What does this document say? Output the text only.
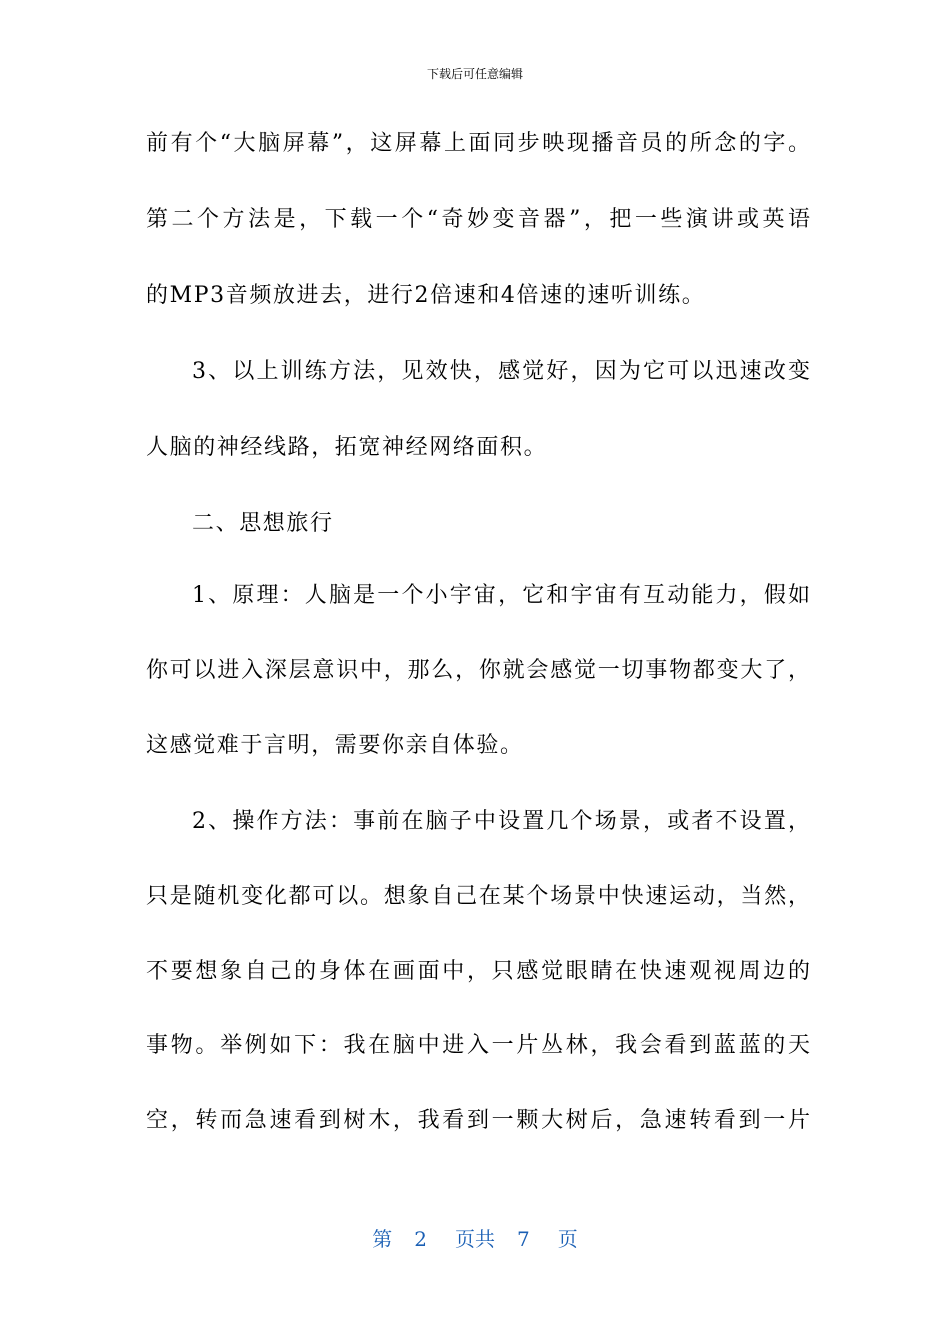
下载后可任意编辑
前有个“大脑屏幕”，这屏幕上面同步映现播音员的所念的字。
第二个方法是，下载一个“奇妙变音器”，把一些演讲或英语
的MP3音频放进去，进行2倍速和4倍速的速听训练。
3、以上训练方法，见效快，感觉好，因为它可以迅速改变
人脑的神经线路，拓宽神经网络面积。
二、思想旅行
1、原理：人脑是一个小宇宙，它和宇宙有互动能力，假如
你可以进入深层意识中，那么，你就会感觉一切事物都变大了，
这感觉难于言明，需要你亲自体验。
2、操作方法：事前在脑子中设置几个场景，或者不设置，
只是随机变化都可以。想象自己在某个场景中快速运动，当然，
不要想象自己的身体在画面中，只感觉眼睛在快速观视周边的
事物。举例如下：我在脑中进入一片丛林，我会看到蓝蓝的天
空，转而急速看到树木，我看到一颗大树后，急速转看到一片
第 2 页共 7 页
